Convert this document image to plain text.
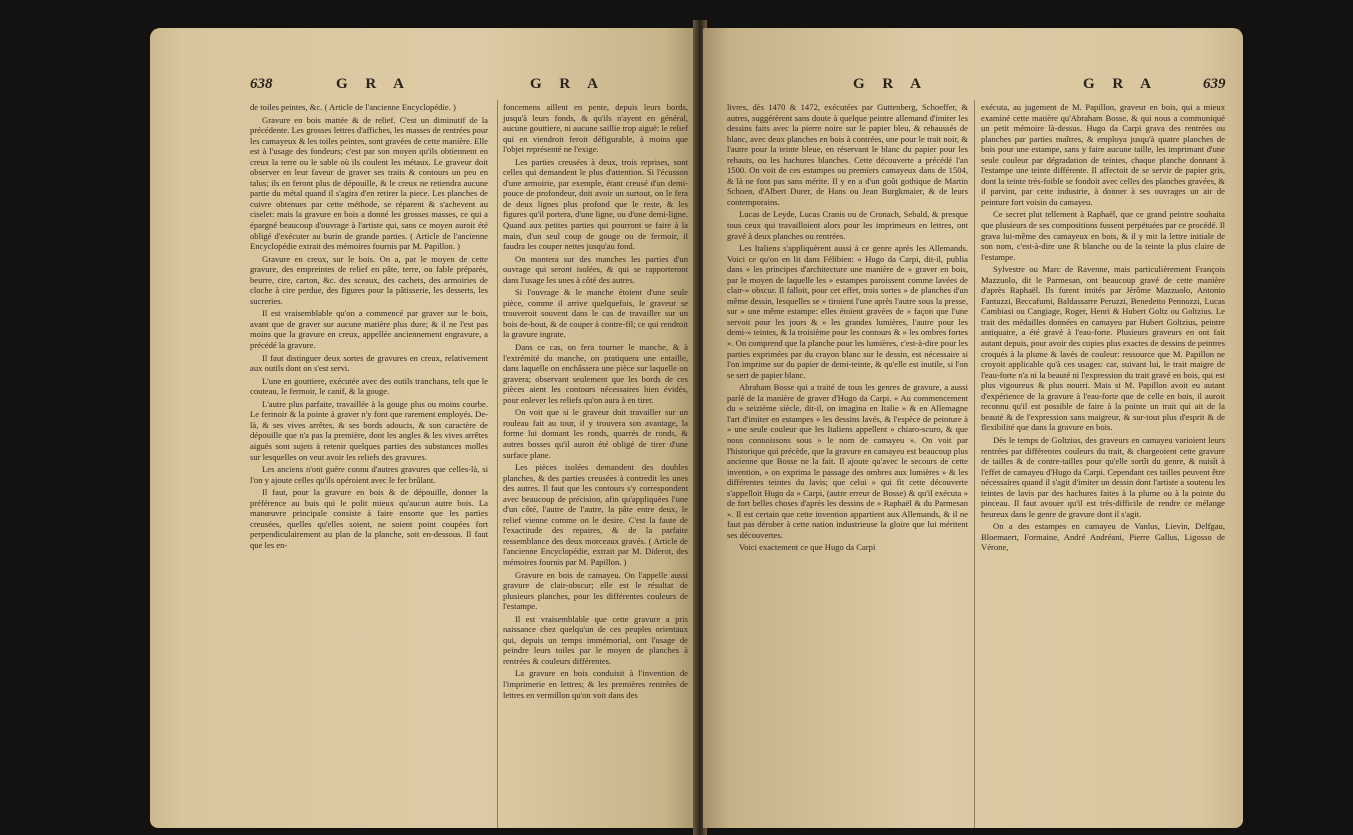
638	G R A	G R A

de toiles peintes, &c. ( Article de l'ancienne Encyclopédie. )

Gravure en bois mattée & de relief. C'est un diminutif de la précédente. Les grosses lettres d'affiches, les masses de rentrées pour les camayeux & les toiles peintes, sont gravées de cette manière. Elle est à l'usage des fondeurs; c'est par son moyen qu'ils obtiennent en creux la terre ou le sable où ils coulent les métaux. Le graveur doit observer en leur faveur de graver ses traits & contours un peu en talus; ils en feront plus de dépouille, & le creux ne retiendra aucune partie du métal quand il s'agira d'en retirer la piece. Les planches de cuivre obtenues par cette méthode, se réparent & s'achevent au ciselet: mais la gravure en bois a donné les grosses masses, ce qui a épargné beaucoup d'ouvrage à l'artiste qui, sans ce moyen auroit été obligé d'exécuter au burin de grande parties. ( Article de l'ancienne Encyclopédie extrait des mémoires fournis par M. Papillon. )

Gravure en creux, sur le bois. On a, par le moyen de cette gravure, des empreintes de relief en pâte, terre, ou fable préparés, beurre, cire, carton, &c. des sceaux, des cachets, des armoiries de cloche à cire perdue, des figures pour la pâtisserie, les desserts, les sucreries.

Il est vraisemblable qu'on a commencé par graver sur le bois, avant que de graver sur aucune matière plus dure; & il ne l'est pas moins que la gravure en creux, appellée anciennement engravure, a précédé la gravure.

Il faut distinguer deux sortes de gravures en creux, relativement aux outils dont on s'est servi.

L'une en gouttiere, exécutée avec des outils tranchans, tels que le couteau, le fermoir, le canif, & la gouge.

L'autre plus parfaite, travaillée à la gouge plus ou moins courbe. Le fermoir & la pointe à graver n'y font que rarement employés. De-là, & ses vives arrêtes, & ses bords adoucis, & son caractère de dépouille que n'a pas la première, dont les angles & les vives arrêtes aiguës sont sujets à retenir quelques parties des substances molles sur lesquelles on veut avoir les reliefs des gravures.

Les anciens n'ont guère connu d'autres gravures que celles-là, si l'on y ajoute celles qu'ils opéroient avec le fer brûlant.

Il faut, pour la gravure en bois & de dépouille, donner la préférence au buis qui le polit mieux qu'aucun autre bois. La manœuvre principale consiste à faire ensorte que les parties creusées, quelles qu'elles soient, ne soient point coupées fort perpendiculairement au plan de la planche, soit en-dessous. Il faut que les en-

foncemens aillent en pente, depuis leurs bords, jusqu'à leurs fonds, & qu'ils n'ayent en général, aucune gouttiere, ni aucune saillie trop aiguë: le relief qui en viendroit feroit défigurable, à moins que l'objet représenté ne l'exige.

Les parties creusées à deux, trois reprises, sont celles qui demandent le plus d'attention. Si l'écusson d'une armoirie, par exemple, étant creusé d'un demi-pouce de profondeur, doit avoir un surtout, on le fera de deux lignes plus profond que le reste, & les figures qu'il portera, d'une ligne, ou d'une demi-ligne. Quand aux petites parties qui pourront se faire à la main, d'un seul coup de gouge ou de fermoir, il faudra les couper nettes jusqu'au fond.

On montera sur des manches les parties d'un ouvrage qui seront isolées, & qui se rapporteront dans l'usage les unes à côté des autres.

Si l'ouvrage & le manche étoient d'une seule pièce, comme il arrive quelquefois, le graveur se trouveroit souvent dans le cas de travailler sur un bois de-bout, & de couper à contre-fil; ce qui rendroit la gravure ingrate.

Dans ce cas, on fera tourner le manche, & à l'extrémité du manche, on pratiquera une entaille, dans laquelle on enchâssera une pièce sur laquelle on gravera; observant seulement que les bords de ces pièces aient les contours nécessaires bien évidés, pour enlever les reliefs qu'on aura à en tirer.

On voit que si le graveur doit travailler sur un rouleau fait au tour, il y trouvera son avantage, la forme lui donnant les ronds, quarrés de ronds, & autres bosses qu'il auroit été obligé de tirer d'une surface plane.

Les pièces isolées demandent des doubles planches, & des parties creusées à contredit les unes des autres. Il faut que les contours s'y correspondent avec beaucoup de précision, afin qu'appliquées l'une d'un côté, l'autre de l'autre, la pâte entre deux, le relief vienne comme on le desire. C'est la faute de l'exactitude des repaires, & de la parfaite ressemblance des deux morceaux gravés. ( Article de l'ancienne Encyclopédie, extrait par M. Diderot, des mémoires fournis par M. Papillon. )

Gravure en bois de camayeu. On l'appelle aussi gravure de clair-obscur; elle est le résultat de plusieurs planches, pour les différentes couleurs de l'estampe.

Il est vraisemblable que cette gravure a pris naissance chez quelqu'un de ces peuples orientaux qui, depuis un temps immémorial, ont l'usage de peindre leurs toiles par le moyen de planches à rentrées & couleurs différentes.

La gravure en bois conduisit à l'invention de l'imprimerie en lettres; & les premières rentrées de lettres en vermillon qu'on voit dans des

G R A	G R A	639

livres, dès 1470 & 1472, exécutées par Guttenberg, Schoeffer, & autres, suggérèrent sans doute à quelque peintre allemand d'imiter les dessins faits avec la pierre noire sur le papier bleu, & rehaussés de blanc, avec deux planches en bois à contrées, une pour le trait noir, & l'autre pour la teinte bleue, en réservant le blanc du papier pour les rehauts, ou les hachures blanches. Cette découverte a précédé l'an 1500. On voit de ces estampes ou premiers camayeux dans de 1504, & là ne font pas sans mérite. Il y en a d'un goût gothique de Martin Schoen, d'Albert Durer, de Hans ou Jean Burgkmaier, & de leurs contemporains.

Lucas de Leyde, Lucas Cranis ou de Cronach, Sebald, & presque tous ceux qui travailloient alors pour les imprimeurs en lettres, ont gravé à deux planches ou rentrées.

Les Italiens s'appliquèrent aussi à ce genre après les Allemands. Voici ce qu'on en lit dans Félibien: « Hugo da Carpi, dit-il, publia dans » les principes d'architecture une manière de » graver en bois, par le moyen de laquelle les » estampes paroissent comme lavées de clair-» obscur. Il falloit, pour cet effet, trois sortes » de planches d'un même dessin, lesquelles se » tiroient l'une après l'autre sous la presse, sur » une même estampe: elles étoient gravées de » façon que l'une servoit pour les jours & » les grandes lumières, l'autre pour les demi-» teintes, & la troisième pour les contours & » les ombres fortes ». On comprend que la planche pour les lumières, c'est-à-dire pour les parties exprimées par du crayon blanc sur le dessin, est nécessaire si l'on imprime sur du papier de demi-teinte, & qu'elle est inutile, si l'on se sert de papier blanc.

Abraham Bosse qui a traité de tous les genres de gravure, a aussi parlé de la manière de graver d'Hugo da Carpi. « Au commencement du » seizième siècle, dit-il, on imagina en Italie » & en Allemagne l'art d'imiter en estampes » les dessins lavés, & l'espèce de peinture à » une seule couleur que les Italiens appellent » chiaro-scuro, & que nous connoissons sous » le nom de camayeu ». On voit par l'historique qui précède, que la gravure en camayeu est beaucoup plus ancienne que Bosse ne la fait. Il ajoute qu'avec le secours de cette invention, » on exprima le passage des ombres aux lumières » & les différentes teintes du lavis; que celui » qui fit cette découverte s'appelloit Hugo da » Carpi, (autre erreur de Bosse) & qu'il exécuta » de fort belles choses d'après les dessins de » Raphaël & du Parmesan ». Il est certain que cette invention appartient aux Allemands, & il ne faut pas dérober à cette nation industrieuse la gloire que lui méritent ses découvertes.

Voici exactement ce que Hugo da Carpi

exécuta, au jugement de M. Papillon, graveur en bois, qui a mieux examiné cette matière qu'Abraham Bosse, & qui nous a communiqué un petit mémoire là-dessus. Hugo da Carpi grava des rentrées ou planches par parties maîtres, & employa jusqu'à quatre planches de bois pour une estampe, sans y faire aucune taille, les imprimant d'une seule couleur par dégradation de teintes, chaque planche donnant à l'estampe une teinte différente. Il affectoit de se servir de papier gris, dont la teinte très-foible se fondoit avec celles des planches gravées, & il parvint, par cette industrie, à donner à ses ouvrages un air de peinture fort voisin du camayeu.

Ce secret plut tellement à Raphaël, que ce grand peintre souhaita que plusieurs de ses compositions fussent perpétuées par ce procédé. Il grava lui-même des camayeux en bois, & il y mit la lettre initiale de son nom, c'est-à-dire une R blanche ou de la teinte la plus claire de l'estampe.

Sylvestre ou Marc de Ravenne, mais particulièrement François Mazzuolo, dit le Parmesan, ont beaucoup gravé de cette manière d'après Raphaël. Ils furent imités par Jérôme Mazzuolo, Antonio Fantuzzi, Beccafumi, Baldassarre Peruzzi, Benedetto Pennozzi, Lucas Cambiasi ou Cangiage, Roger, Henri & Hubert Goltz ou Goltzius. Le trait des médailles données en camayeu par Hubert Goltzius, peintre antiquaire, a été gravé à l'eau-forte. Plusieurs graveurs en ont fait autant depuis, pour avoir des copies plus exactes de dessins de peintres croqués à la plume & lavés de couleur: ressource que M. Papillon ne croyoit applicable qu'à ces usages: car, suivant lui, le trait maigre de l'eau-forte n'a ni la beauté ni l'expression du trait gravé en bois, qui est plus vigoureux & plus nourri. Mais si M. Papillon avoit eu autant d'expérience de la gravure à l'eau-forte que de celle en bois, il auroit reconnu qu'il est possible de faire à la pointe un trait qui ait de la beauté & de l'expression sans maigreur, & sur-tout plus d'esprit & de flexibilité que dans la gravure en bois.

Dès le temps de Goltzius, des graveurs en camayeu varioient leurs rentrées par différentes couleurs du trait, & chargeoient cette gravure de tailles & de contre-tailles pour qu'elle sortît du genre, & nuisît à l'effet de camayeu d'Hugo da Carpi. Cependant ces tailles peuvent être nécessaires quand il s'agit d'imiter un dessin dont l'artiste a soutenu les teintes de lavis par des hachures faites à la plume ou à la pointe du pinceau. Il faut avouer qu'il est très-difficile de rendre ce mélange heureux dans le genre de gravure dont il s'agit.

On a des estampes en camayeu de Vanlus, Lievin, Delfgau, Bloemaert, Formaine, André Andréani, Pierre Gallus, Ligosso de Vérone,
